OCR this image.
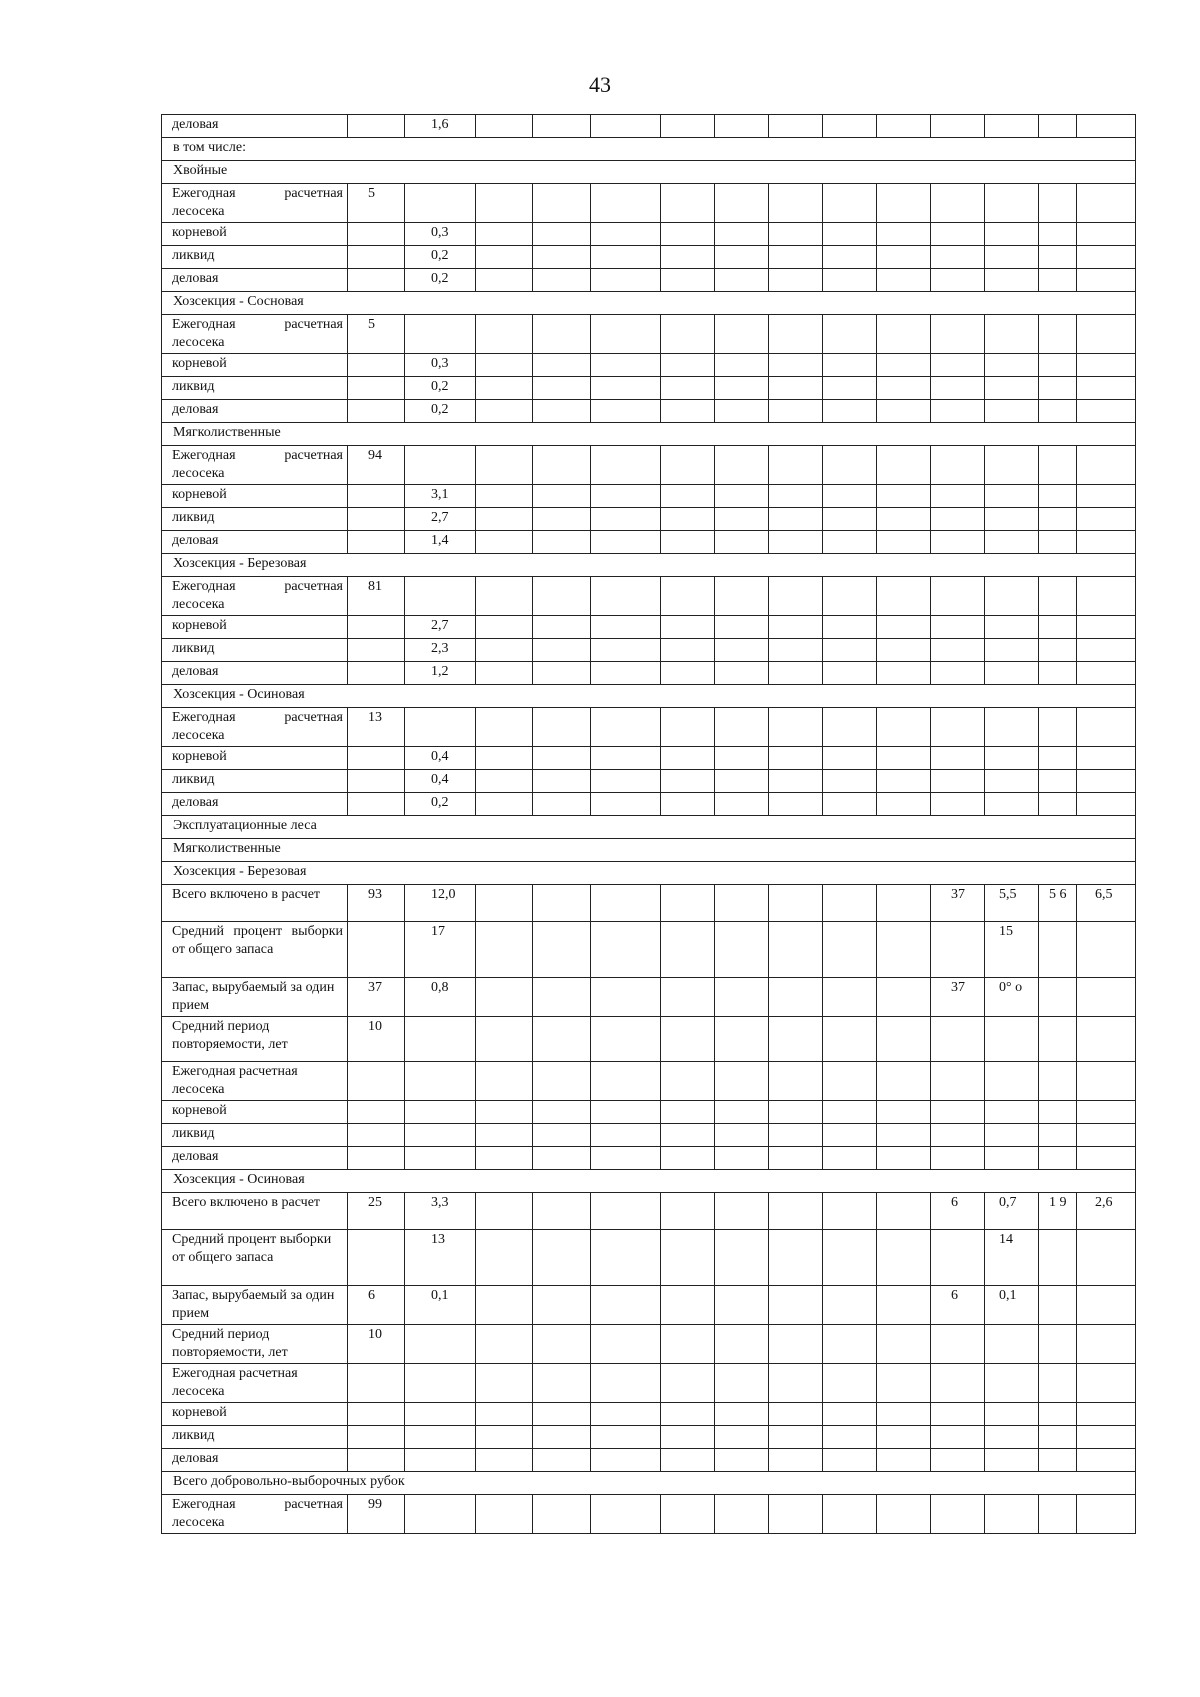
43
деловая		1,6												
в том числе:														
Хвойные														

Ежегодная расчетная лесосека	5													

корневой		0,3												

ликвид		0,2												

деловая		0,2												
Хозсекция - Сосновая														

Ежегодная расчетная лесосека	5													

корневой		0,3												

ликвид		0,2												

деловая		0,2												
Мягколиственные														

Ежегодная расчетная лесосека	94													

корневой		3,1												

ликвид		2,7												

деловая		1,4												
Хозсекция - Березовая														

Ежегодная расчетная лесосека	81													

корневой		2,7												

ликвид		2,3												

деловая		1,2												
Хозсекция - Осиновая														

Ежегодная расчетная лесосека	13													

корневой		0,4												

ликвид		0,4												

деловая		0,2												
Эксплуатационные леса														
Мягколиственные														
Хозсекция - Березовая														

Всего включено в расчет	93	12,0									37	5,5	5 6	6,5

Средний процент выборки от общего запаса		17										15		

Запас, вырубаемый за один прием	37	0,8									37	0° о		

Средний период повторяемости, лет	10													

Ежегодная расчетная лесосека														

корневой														

ликвид														

деловая														

Хозсекция - Осиновая														

Всего включено в расчет	25	3,3									6	0,7	1 9	2,6

Средний процент выборки от общего запаса		13										14		

Запас, вырубаемый за один прием	6	0,1									6	0,1		

Средний период повторяемости, лет	10													

Ежегодная расчетная лесосека														

корневой														

ликвид														

деловая														

Всего добровольно-выборочных рубок														

Ежегодная расчетная лесосека	99													
